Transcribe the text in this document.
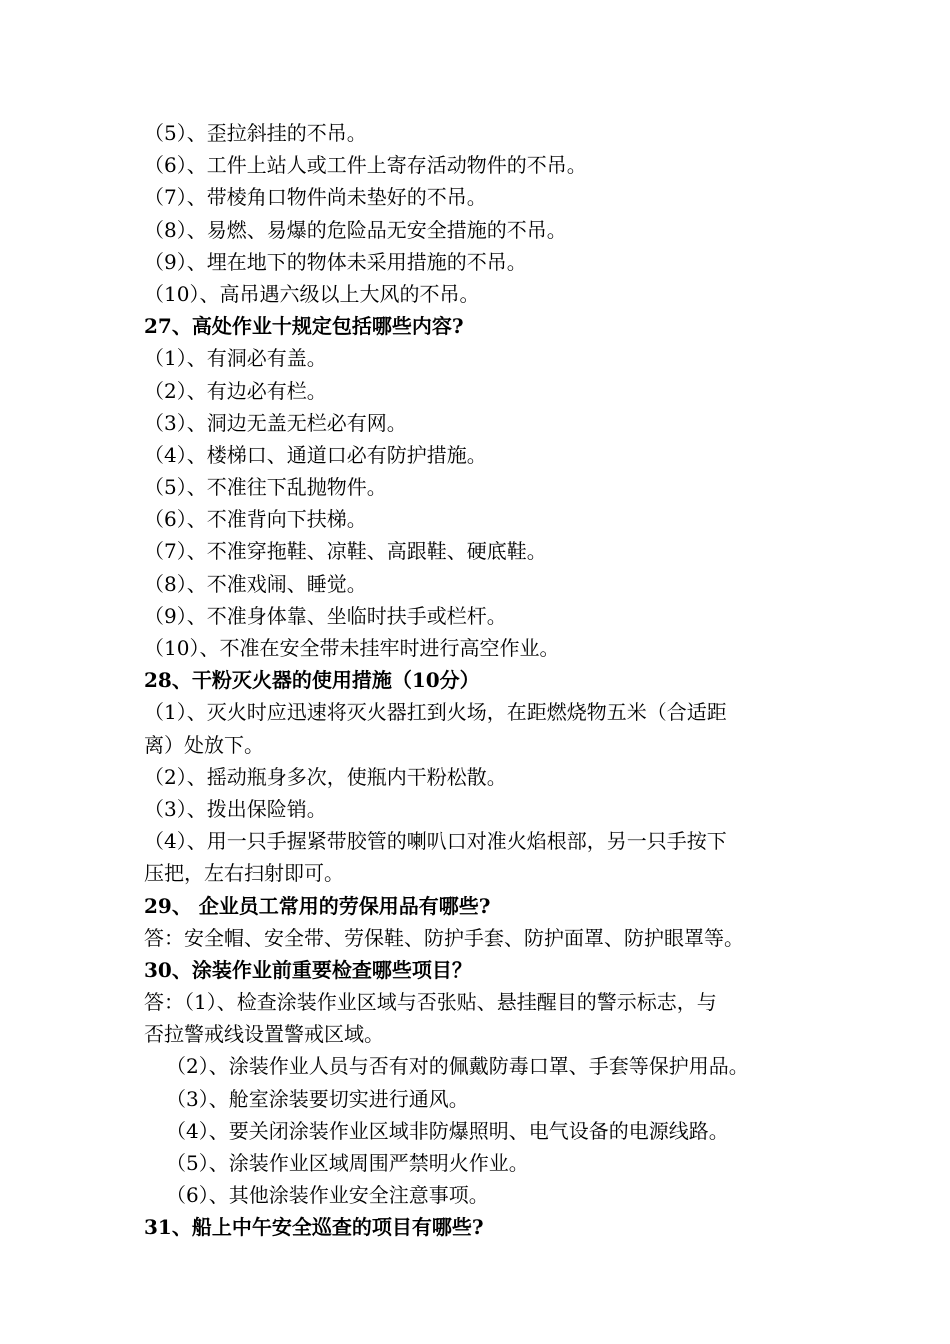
（5）、歪拉斜挂的不吊。
（6）、工件上站人或工件上寄存活动物件的不吊。
（7）、带棱角口物件尚未垫好的不吊。
（8）、易燃、易爆的危险品无安全措施的不吊。
（9）、埋在地下的物体未采用措施的不吊。
（10）、高吊遇六级以上大风的不吊。
27、高处作业十规定包括哪些内容?
（1）、有洞必有盖。
（2）、有边必有栏。
（3）、洞边无盖无栏必有网。
（4）、楼梯口、通道口必有防护措施。
（5）、不准往下乱抛物件。
（6）、不准背向下扶梯。
（7）、不准穿拖鞋、凉鞋、高跟鞋、硬底鞋。
（8）、不准戏闹、睡觉。
（9）、不准身体靠、坐临时扶手或栏杆。
（10）、不准在安全带未挂牢时进行高空作业。
28、干粉灭火器的使用措施（10分）
（1）、灭火时应迅速将灭火器扛到火场，在距燃烧物五米（合适距
离）处放下。
（2）、摇动瓶身多次，使瓶内干粉松散。
（3）、拨出保险销。
（4）、用一只手握紧带胶管的喇叭口对准火焰根部，另一只手按下
压把，左右扫射即可。
29、 企业员工常用的劳保用品有哪些?
答：安全帽、安全带、劳保鞋、防护手套、防护面罩、防护眼罩等。
30、涂装作业前重要检查哪些项目？
答：（1）、检查涂装作业区域与否张贴、悬挂醒目的警示标志，与
否拉警戒线设置警戒区域。
（2）、涂装作业人员与否有对的佩戴防毒口罩、手套等保护用品。
（3）、舱室涂装要切实进行通风。
（4）、要关闭涂装作业区域非防爆照明、电气设备的电源线路。
（5）、涂装作业区域周围严禁明火作业。
（6）、其他涂装作业安全注意事项。
31、船上中午安全巡查的项目有哪些?
